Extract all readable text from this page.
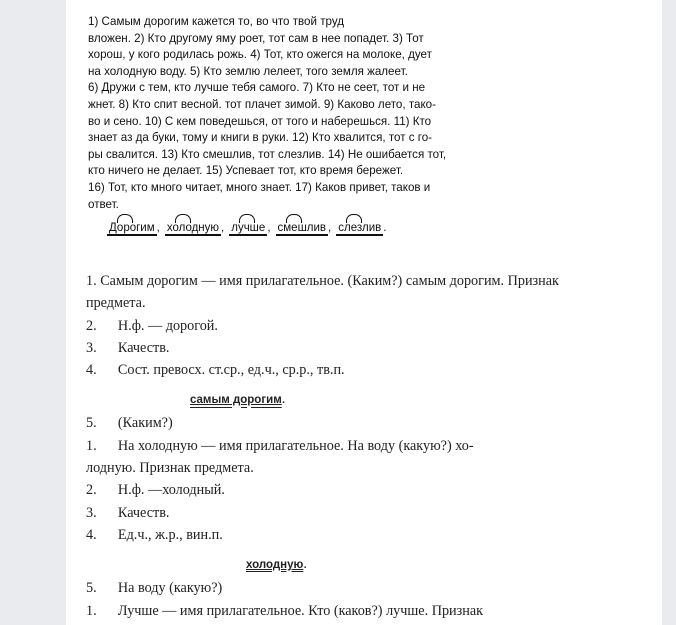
1) Самым дорогим кажется то, во что твой труд
вложен. 2) Кто другому яму роет, тот сам в нее попадет. 3) Тот
хорош, у кого родилась рожь. 4) Тот, кто ожегся на молоке, дует
на холодную воду. 5) Кто землю лелеет, того земля жалеет.
6) Дружи с тем, кто лучше тебя самого. 7) Кто не сеет, тот и не
жнет. 8) Кто спит весной. тот плачет зимой. 9) Каково лето, тако-
во и сено. 10) С кем поведешься, от того и наберешься. 11) Кто
знает аз да буки, тому и книги в руки. 12) Кто хвалится, тот с го-
ры свалится. 13) Кто смешлив, тот слезлив. 14) Не ошибается тот,
кто ничего не делает. 15) Успевает тот, кто время бережет.
16) Тот, кто много читает, много знает. 17) Каков привет, таков и
ответ.
Дорогим , холодную , лучше , смешлив , слезлив .
1. Самым дорогим — имя прилагательное. (Каким?) самым дорогим. Признак
предмета.
2.      Н.ф. — дорогой.
3.      Качеств.
4.      Сост. превосх. ст.ср., ед.ч., ср.р., тв.п.
самым дорогим.
5.      (Каким?)
1.      На холодную — имя прилагательное. На воду (какую?) хо-
лодную. Признак предмета.
2.      Н.ф. —холодный.
3.      Качеств.
4.      Ед.ч., ж.р., вин.п.
холодную.
5.      На воду (какую?)
1.      Лучше — имя прилагательное. Кто (каков?) лучше. Признак
